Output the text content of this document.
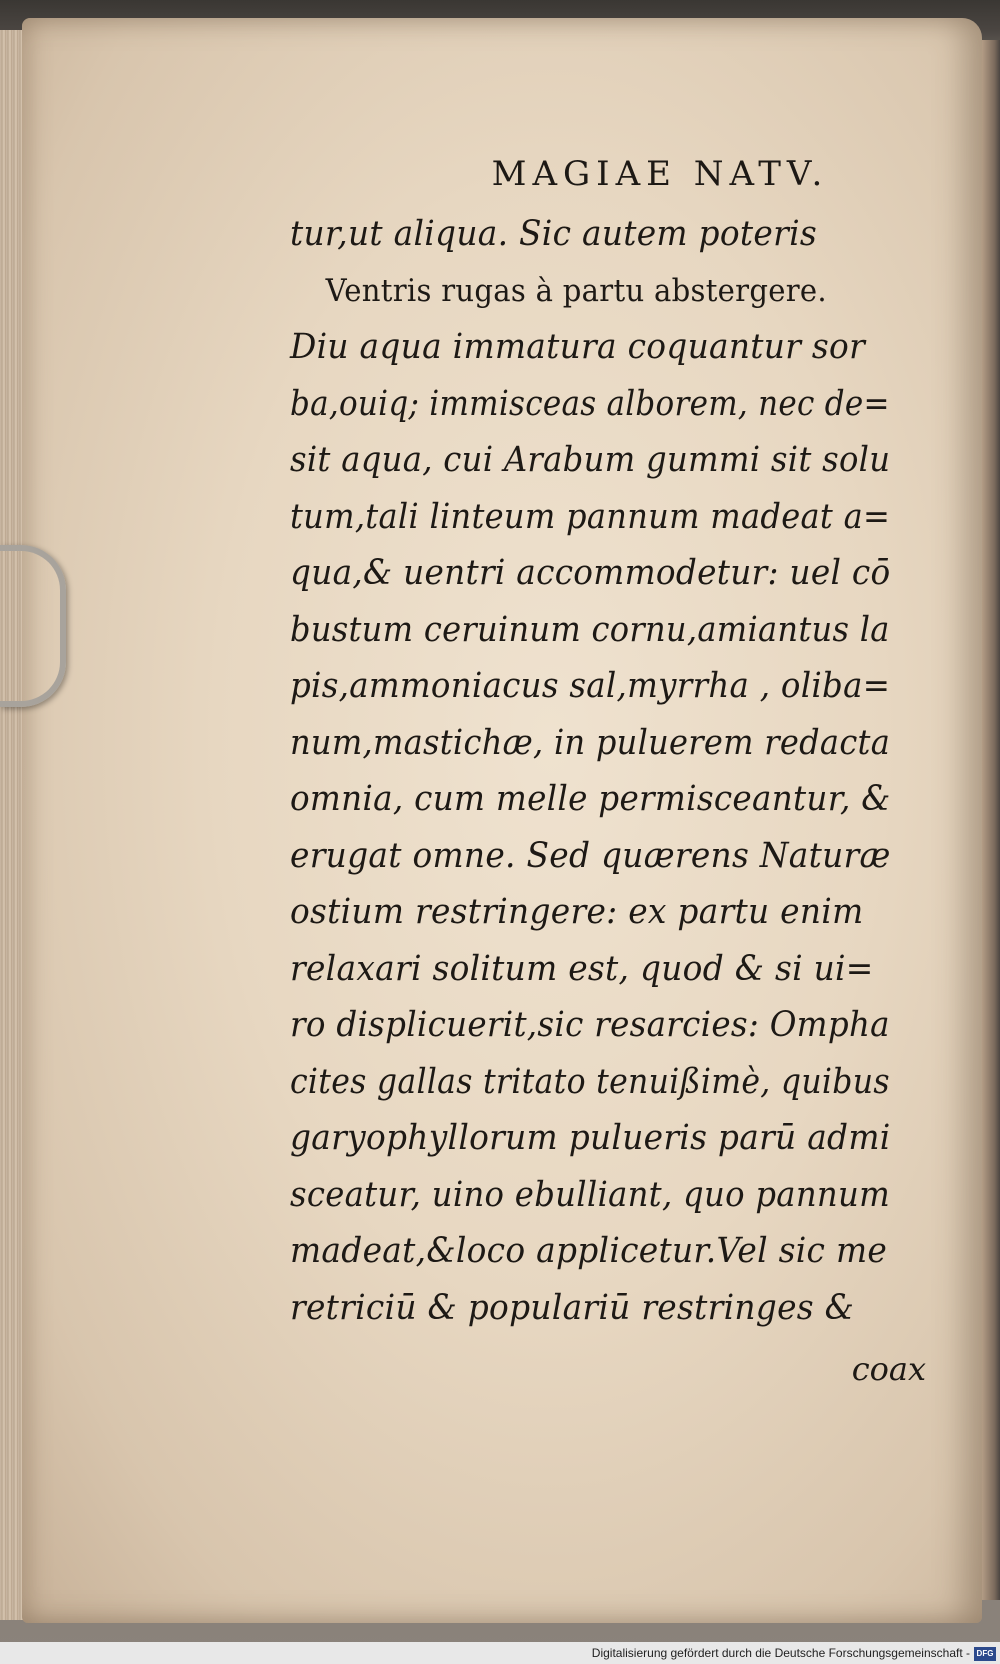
MAGIAE NATV.
tur,ut aliqua. Sic autem poteris
Ventris rugas à partu abstergere.
Diu aqua immatura coquantur sor
ba,ouiq; immisceas alborem, nec de=
sit aqua, cui Arabum gummi sit solu
tum,tali linteum pannum madeat a=
qua,& uentri accommodetur: uel cō
bustum ceruinum cornu,amiantus la
pis,ammoniacus sal,myrrha , oliba=
num,mastichæ, in puluerem redacta
omnia, cum melle permisceantur, &
erugat omne. Sed quærens Naturæ
ostium restringere: ex partu enim
relaxari solitum est, quod & si ui=
ro displicuerit,sic resarcies: Ompha
cites gallas tritato tenuißimè, quibus
garyophyllorum pulueris parū admi
sceatur, uino ebulliant, quo pannum
madeat,&loco applicetur.Vel sic me
retriciū & populariū restringes &
coax
Digitalisierung gefördert durch die Deutsche Forschungsgemeinschaft - DFG
